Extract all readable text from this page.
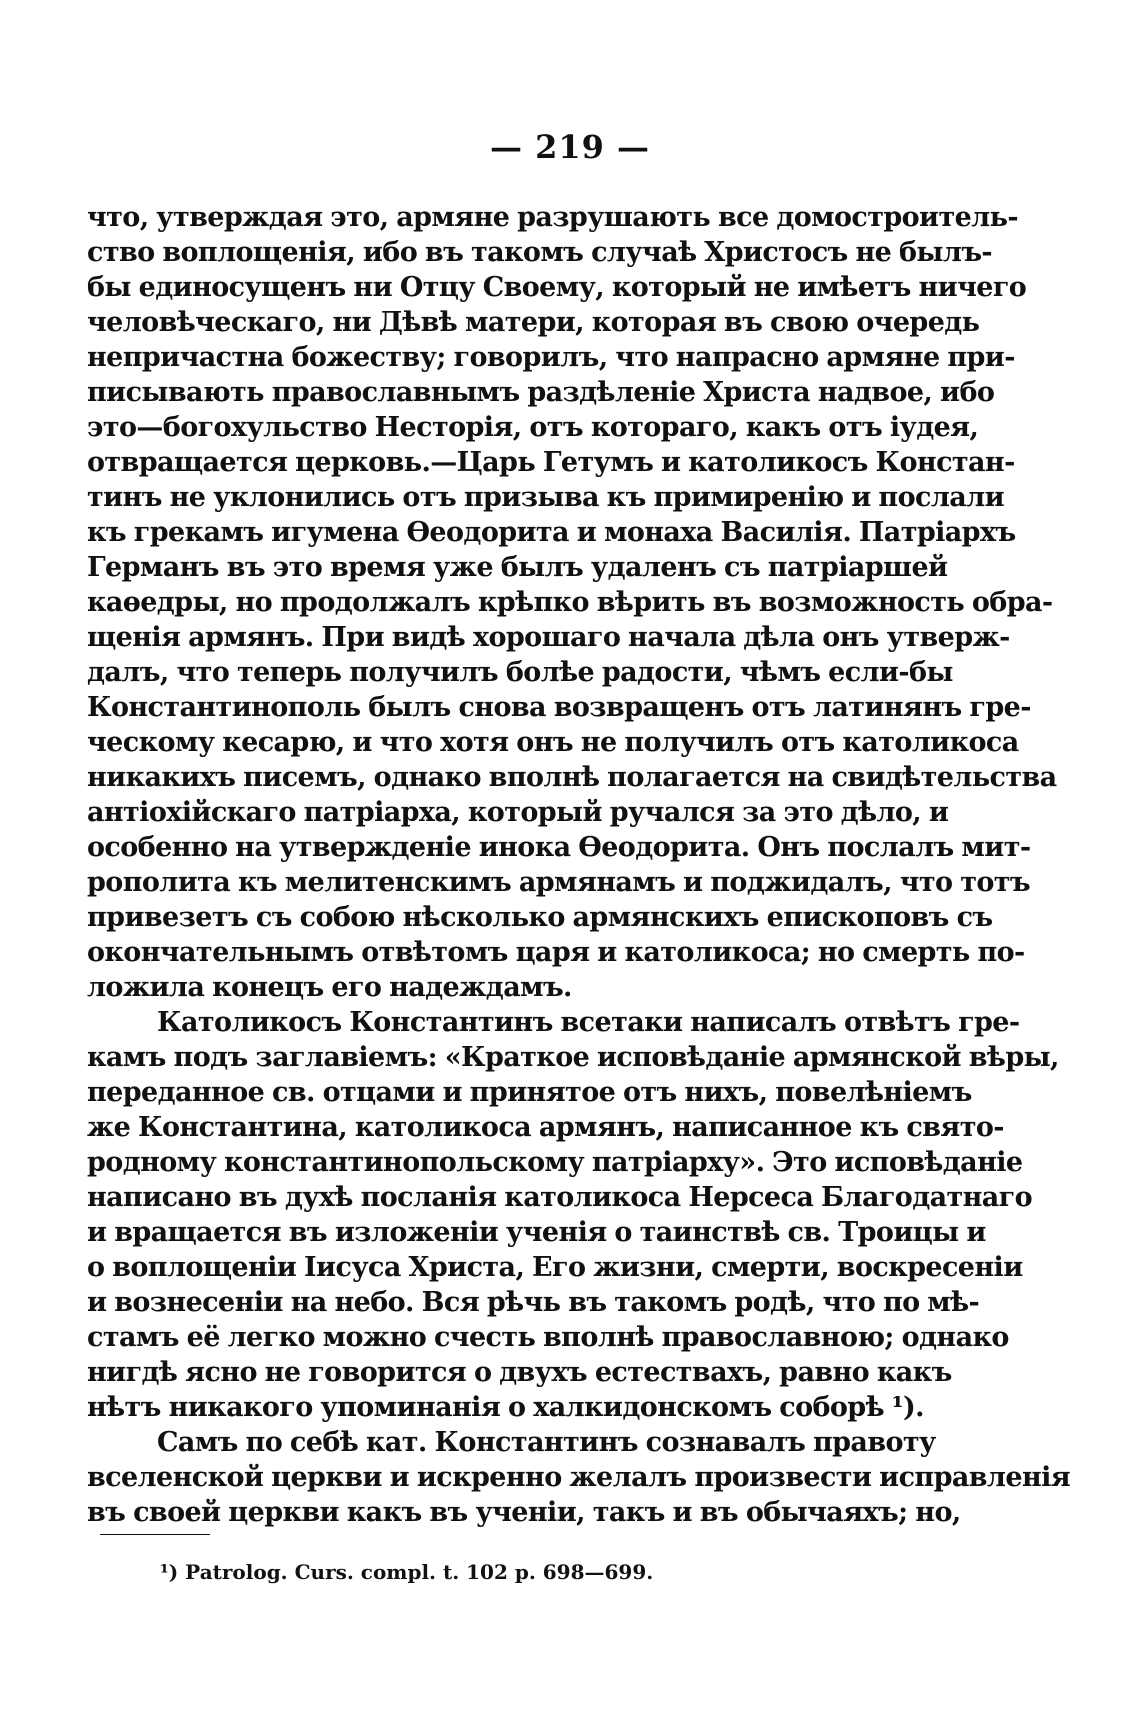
— 219 —
что, утверждая это, армяне разрушають все домостроитель-
ство воплощенія, ибо въ такомъ случаѣ Христосъ не былъ-
бы единосущенъ ни Отцу Своему, который не имѣетъ ничего
человѣческаго, ни Дѣвѣ матери, которая въ свою очередь
непричастна божеству; говорилъ, что напрасно армяне при-
писывають православнымъ раздѣленіе Христа надвое, ибо
это—богохульство Несторія, отъ котораго, какъ отъ іудея,
отвращается церковь.—Царь Гетумъ и католикосъ Констан-
тинъ не уклонились отъ призыва къ примиренію и послали
къ грекамъ игумена Өеодорита и монаха Василія. Патріархъ
Германъ въ это время уже былъ удаленъ съ патріаршей
каөедры, но продолжалъ крѣпко вѣрить въ возможность обра-
щенія армянъ. При видѣ хорошаго начала дѣла онъ утверж-
далъ, что теперь получилъ болѣе радости, чѣмъ если-бы
Константинополь былъ снова возвращенъ отъ латинянъ гре-
ческому кесарю, и что хотя онъ не получилъ отъ католикоса
никакихъ писемъ, однако вполнѣ полагается на свидѣтельства
антіохійскаго патріарха, который ручался за это дѣло, и
особенно на утвержденіе инока Өеодорита. Онъ послалъ мит-
рополита къ мелитенскимъ армянамъ и поджидалъ, что тотъ
привезетъ съ собою нѣсколько армянскихъ епископовъ съ
окончательнымъ отвѣтомъ царя и католикоса; но смерть по-
ложила конецъ его надеждамъ.
Католикосъ Константинъ всетаки написалъ отвѣтъ гре-
камъ подъ заглавіемъ: «Краткое исповѣданіе армянской вѣры,
переданное св. отцами и принятое отъ нихъ, повелѣніемъ
же Константина, католикоса армянъ, написанное къ свято-
родному константинопольскому патріарху». Это исповѣданіе
написано въ духѣ посланія католикоса Нерсеса Благодатнаго
и вращается въ изложеніи ученія о таинствѣ св. Троицы и
о воплощеніи Іисуса Христа, Его жизни, смерти, воскресеніи
и вознесеніи на небо. Вся рѣчь въ такомъ родѣ, что по мѣ-
стамъ её легко можно счесть вполнѣ православною; однако
нигдѣ ясно не говорится о двухъ естествахъ, равно какъ
нѣтъ никакого упоминанія о халкидонскомъ соборѣ ¹).
Самъ по себѣ кат. Константинъ сознавалъ правоту
вселенской церкви и искренно желалъ произвести исправленія
въ своей церкви какъ въ ученіи, такъ и въ обычаяхъ; но,

¹) Patrolog. Curs. compl. t. 102 p. 698—699.
